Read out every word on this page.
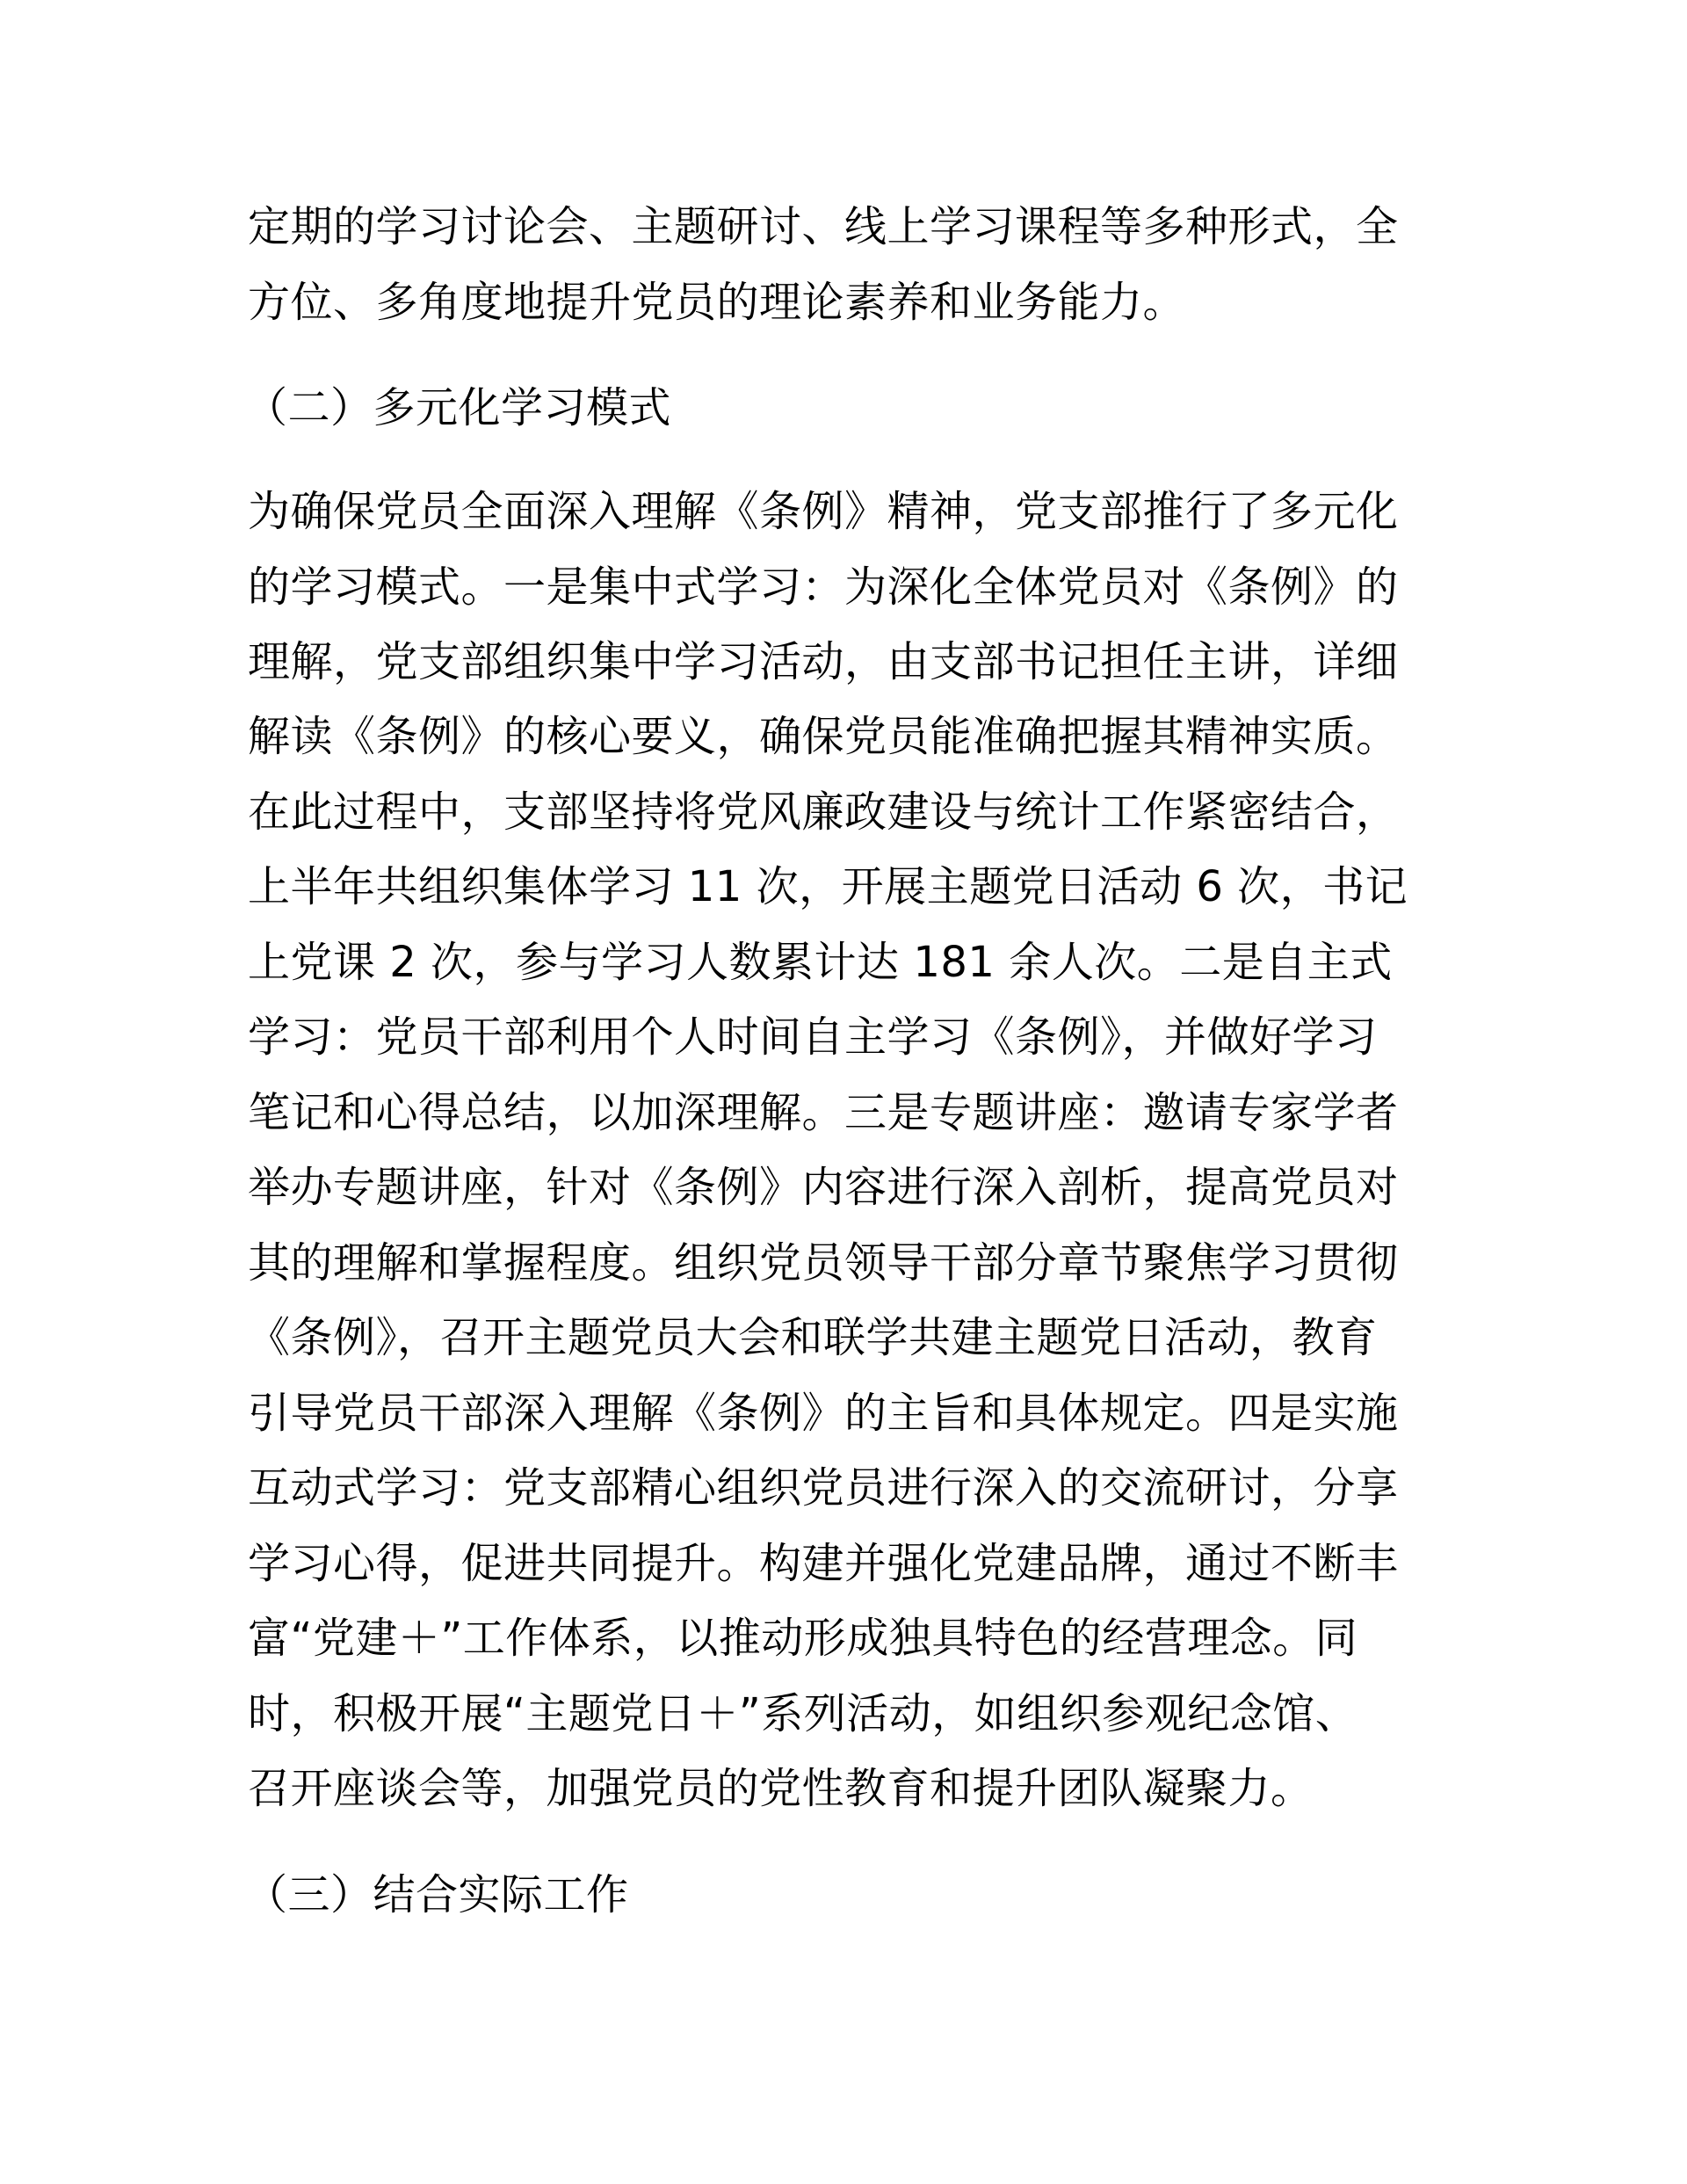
定期的学习讨论会、主题研讨、线上学习课程等多种形式，全
方位、多角度地提升党员的理论素养和业务能力。
（二）多元化学习模式
为确保党员全面深入理解《条例》精神，党支部推行了多元化
的学习模式。一是集中式学习：为深化全体党员对《条例》的
理解，党支部组织集中学习活动，由支部书记担任主讲，详细
解读《条例》的核心要义，确保党员能准确把握其精神实质。
在此过程中，支部坚持将党风廉政建设与统计工作紧密结合，
上半年共组织集体学习 11 次，开展主题党日活动 6 次，书记
上党课 2 次，参与学习人数累计达 181 余人次。二是自主式
学习：党员干部利用个人时间自主学习《条例》，并做好学习
笔记和心得总结，以加深理解。三是专题讲座：邀请专家学者
举办专题讲座，针对《条例》内容进行深入剖析，提高党员对
其的理解和掌握程度。组织党员领导干部分章节聚焦学习贯彻
《条例》，召开主题党员大会和联学共建主题党日活动，教育
引导党员干部深入理解《条例》的主旨和具体规定。四是实施
互动式学习：党支部精心组织党员进行深入的交流研讨，分享
学习心得，促进共同提升。构建并强化党建品牌，通过不断丰
富“党建＋”工作体系，以推动形成独具特色的经营理念。同
时，积极开展“主题党日＋”系列活动，如组织参观纪念馆、
召开座谈会等，加强党员的党性教育和提升团队凝聚力。
（三）结合实际工作
